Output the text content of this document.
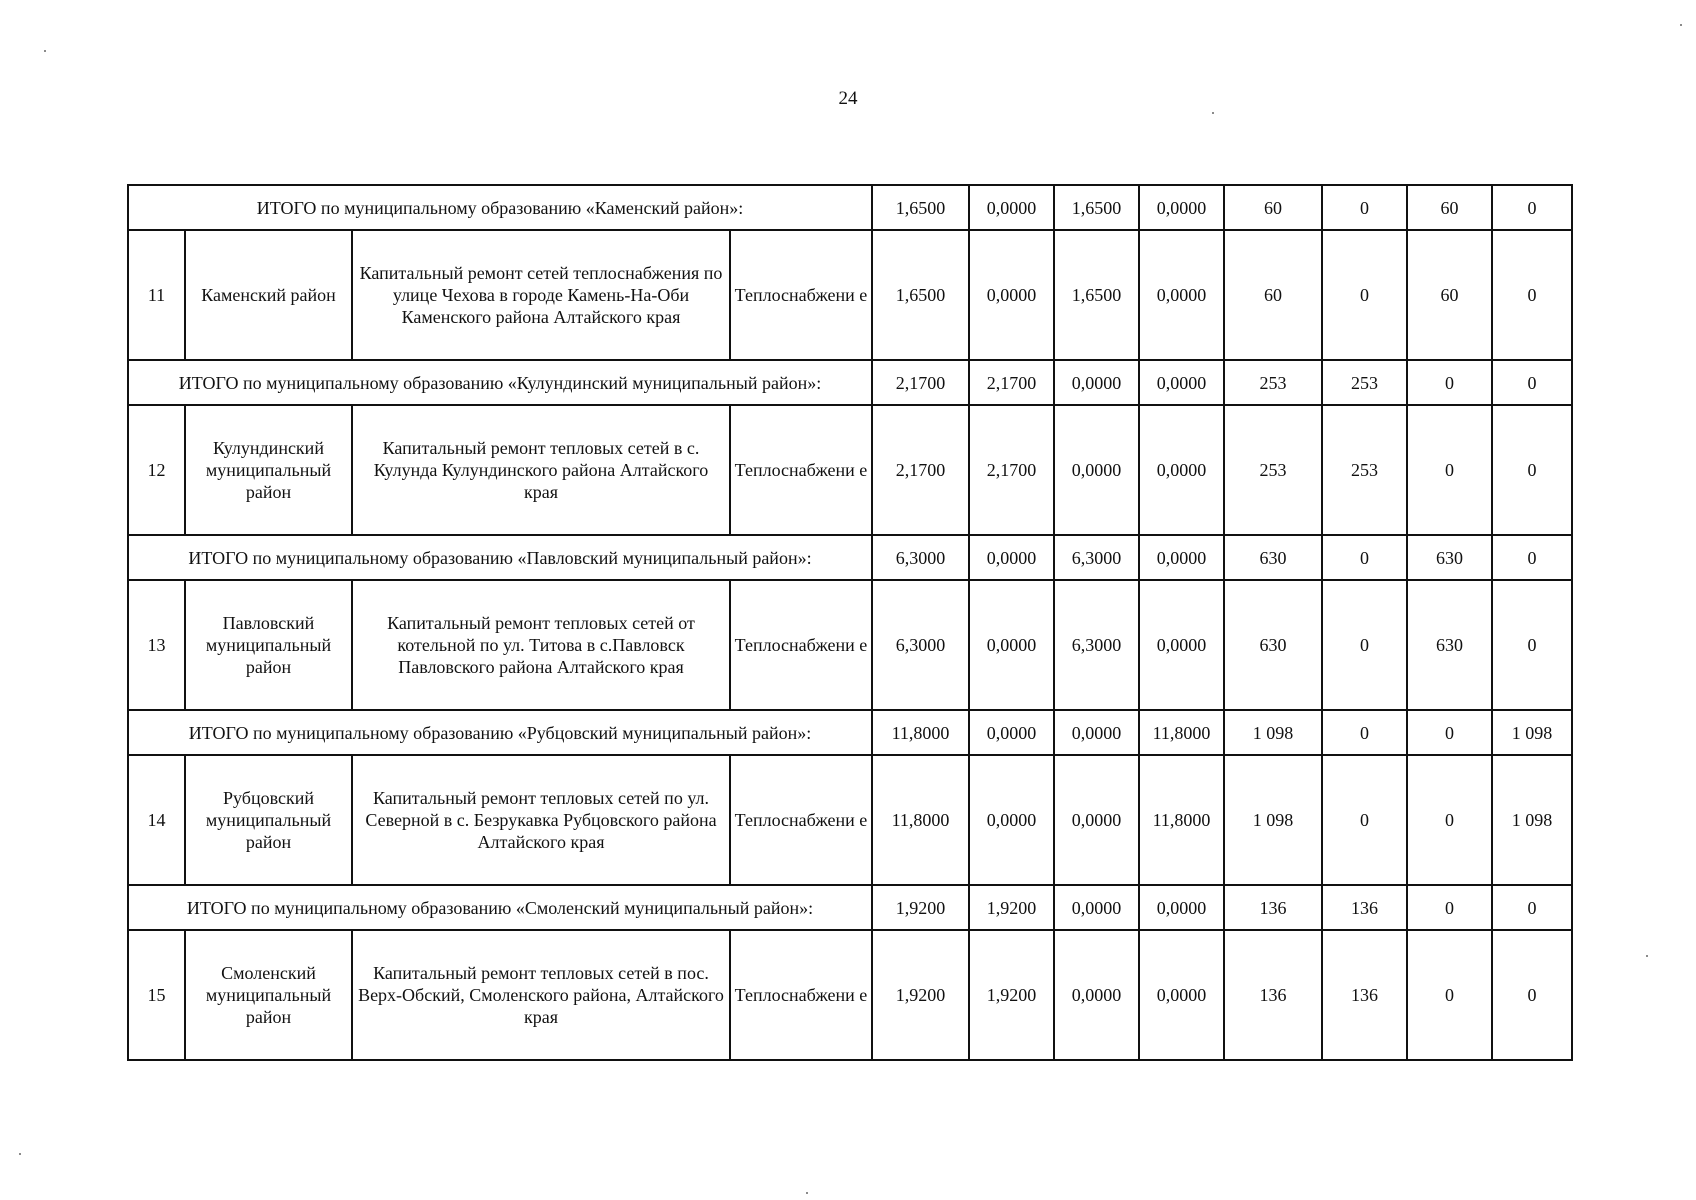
24
ИТОГО по муниципальному образованию «Каменский район»:				1,6500	0,0000	1,6500	0,0000	60	0	60	0
11	Каменский район	Капитальный ремонт сетей теплоснабжения по улице Чехова в городе Камень-На-Оби Каменского района Алтайского края	Теплоснабжени е	1,6500	0,0000	1,6500	0,0000	60	0	60	0
ИТОГО по муниципальному образованию «Кулундинский муниципальный район»:				2,1700	2,1700	0,0000	0,0000	253	253	0	0
12	Кулундинский муниципальный район	Капитальный ремонт тепловых сетей в с. Кулунда Кулундинского района Алтайского края	Теплоснабжени е	2,1700	2,1700	0,0000	0,0000	253	253	0	0
ИТОГО по муниципальному образованию «Павловский муниципальный район»:				6,3000	0,0000	6,3000	0,0000	630	0	630	0
13	Павловский муниципальный район	Капитальный ремонт тепловых сетей от котельной по ул. Титова в с.Павловск Павловского района Алтайского края	Теплоснабжени е	6,3000	0,0000	6,3000	0,0000	630	0	630	0
ИТОГО по муниципальному образованию «Рубцовский муниципальный район»:				11,8000	0,0000	0,0000	11,8000	1 098	0	0	1 098
14	Рубцовский муниципальный район	Капитальный ремонт тепловых сетей по ул. Северной в с. Безрукавка Рубцовского района Алтайского края	Теплоснабжени е	11,8000	0,0000	0,0000	11,8000	1 098	0	0	1 098
ИТОГО по муниципальному образованию «Смоленский муниципальный район»:				1,9200	1,9200	0,0000	0,0000	136	136	0	0
15	Смоленский муниципальный район	Капитальный ремонт тепловых сетей в пос. Верх-Обский, Смоленского района, Алтайского края	Теплоснабжени е	1,9200	1,9200	0,0000	0,0000	136	136	0	0
